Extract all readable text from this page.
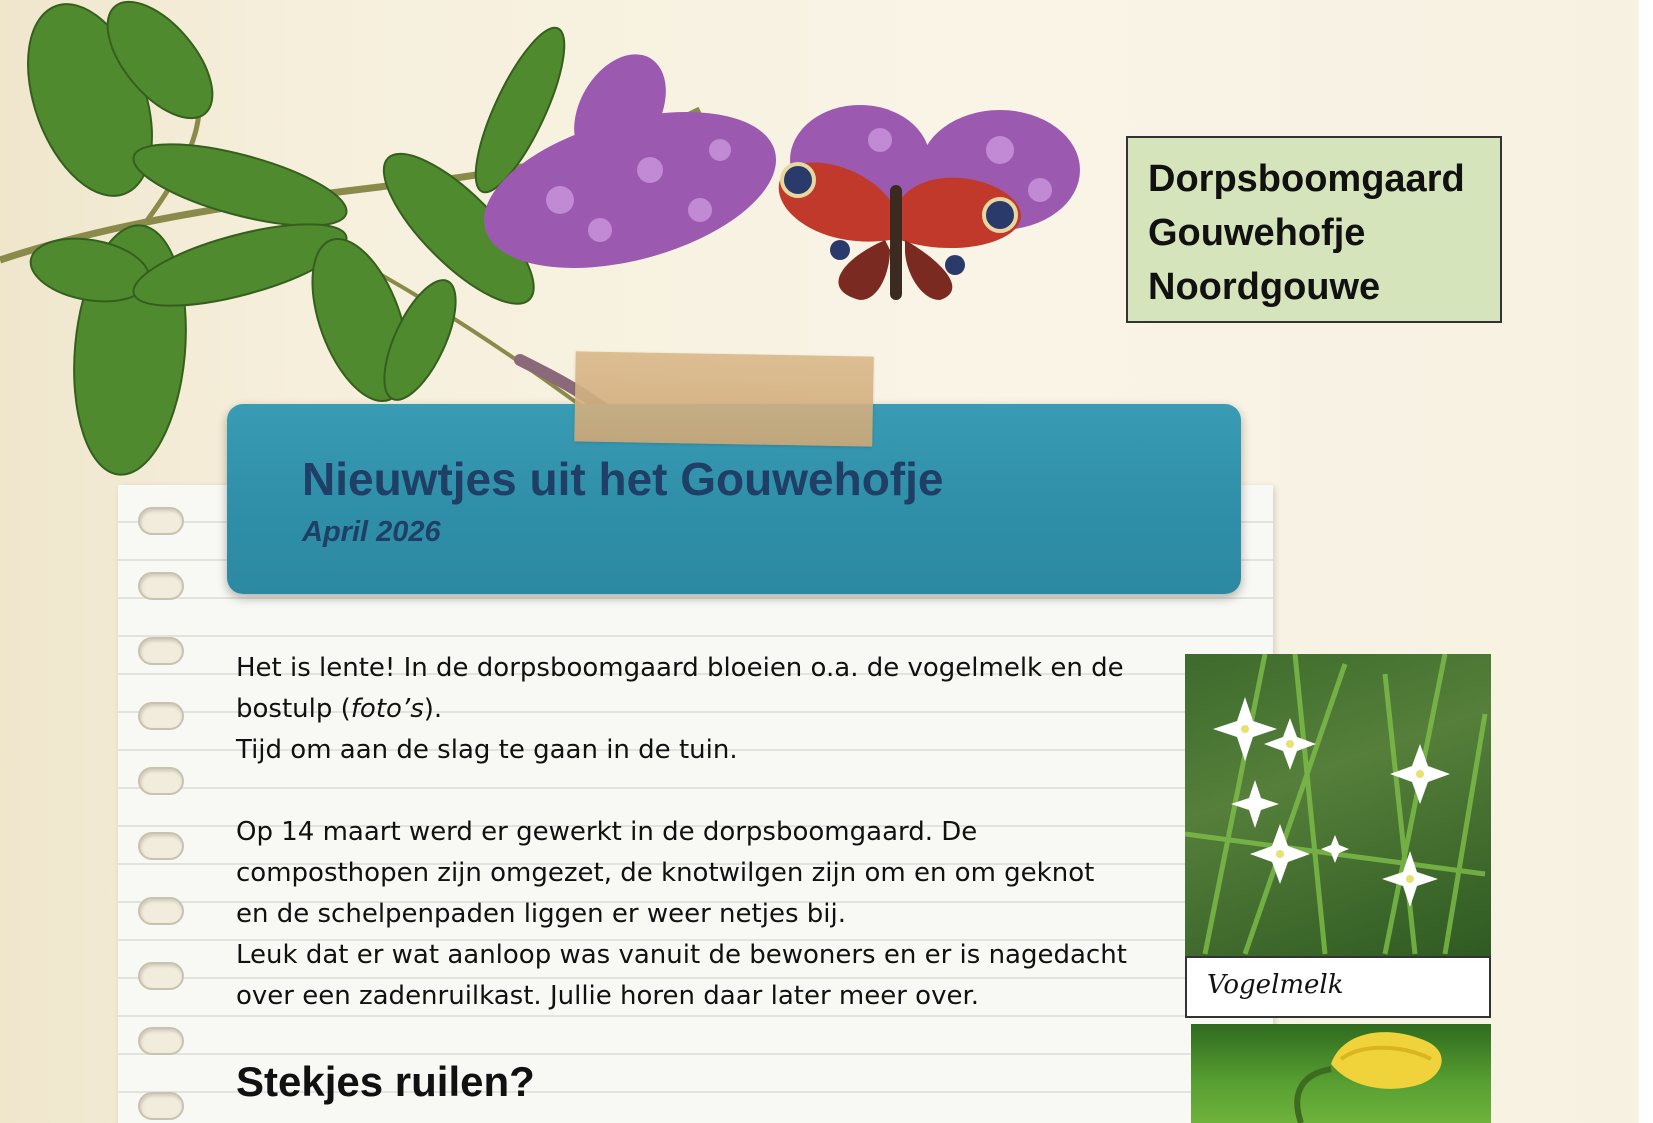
Dorpsboomgaard
Gouwehofje
Noordgouwe
Nieuwtjes uit het Gouwehofje
April 2026

Het is lente! In de dorpsboomgaard bloeien o.a. de vogelmelk en de

bostulp (foto’s).

Tijd om aan de slag te gaan in de tuin.

Op 14 maart werd er gewerkt in de dorpsboomgaard. De

composthopen zijn omgezet, de knotwilgen zijn om en om geknot

en de schelpenpaden liggen er weer netjes bij.

Leuk dat er wat aanloop was vanuit de bewoners en er is nagedacht

over een zadenruilkast. Jullie horen daar later meer over.

Stekjes ruilen?
Vogelmelk
